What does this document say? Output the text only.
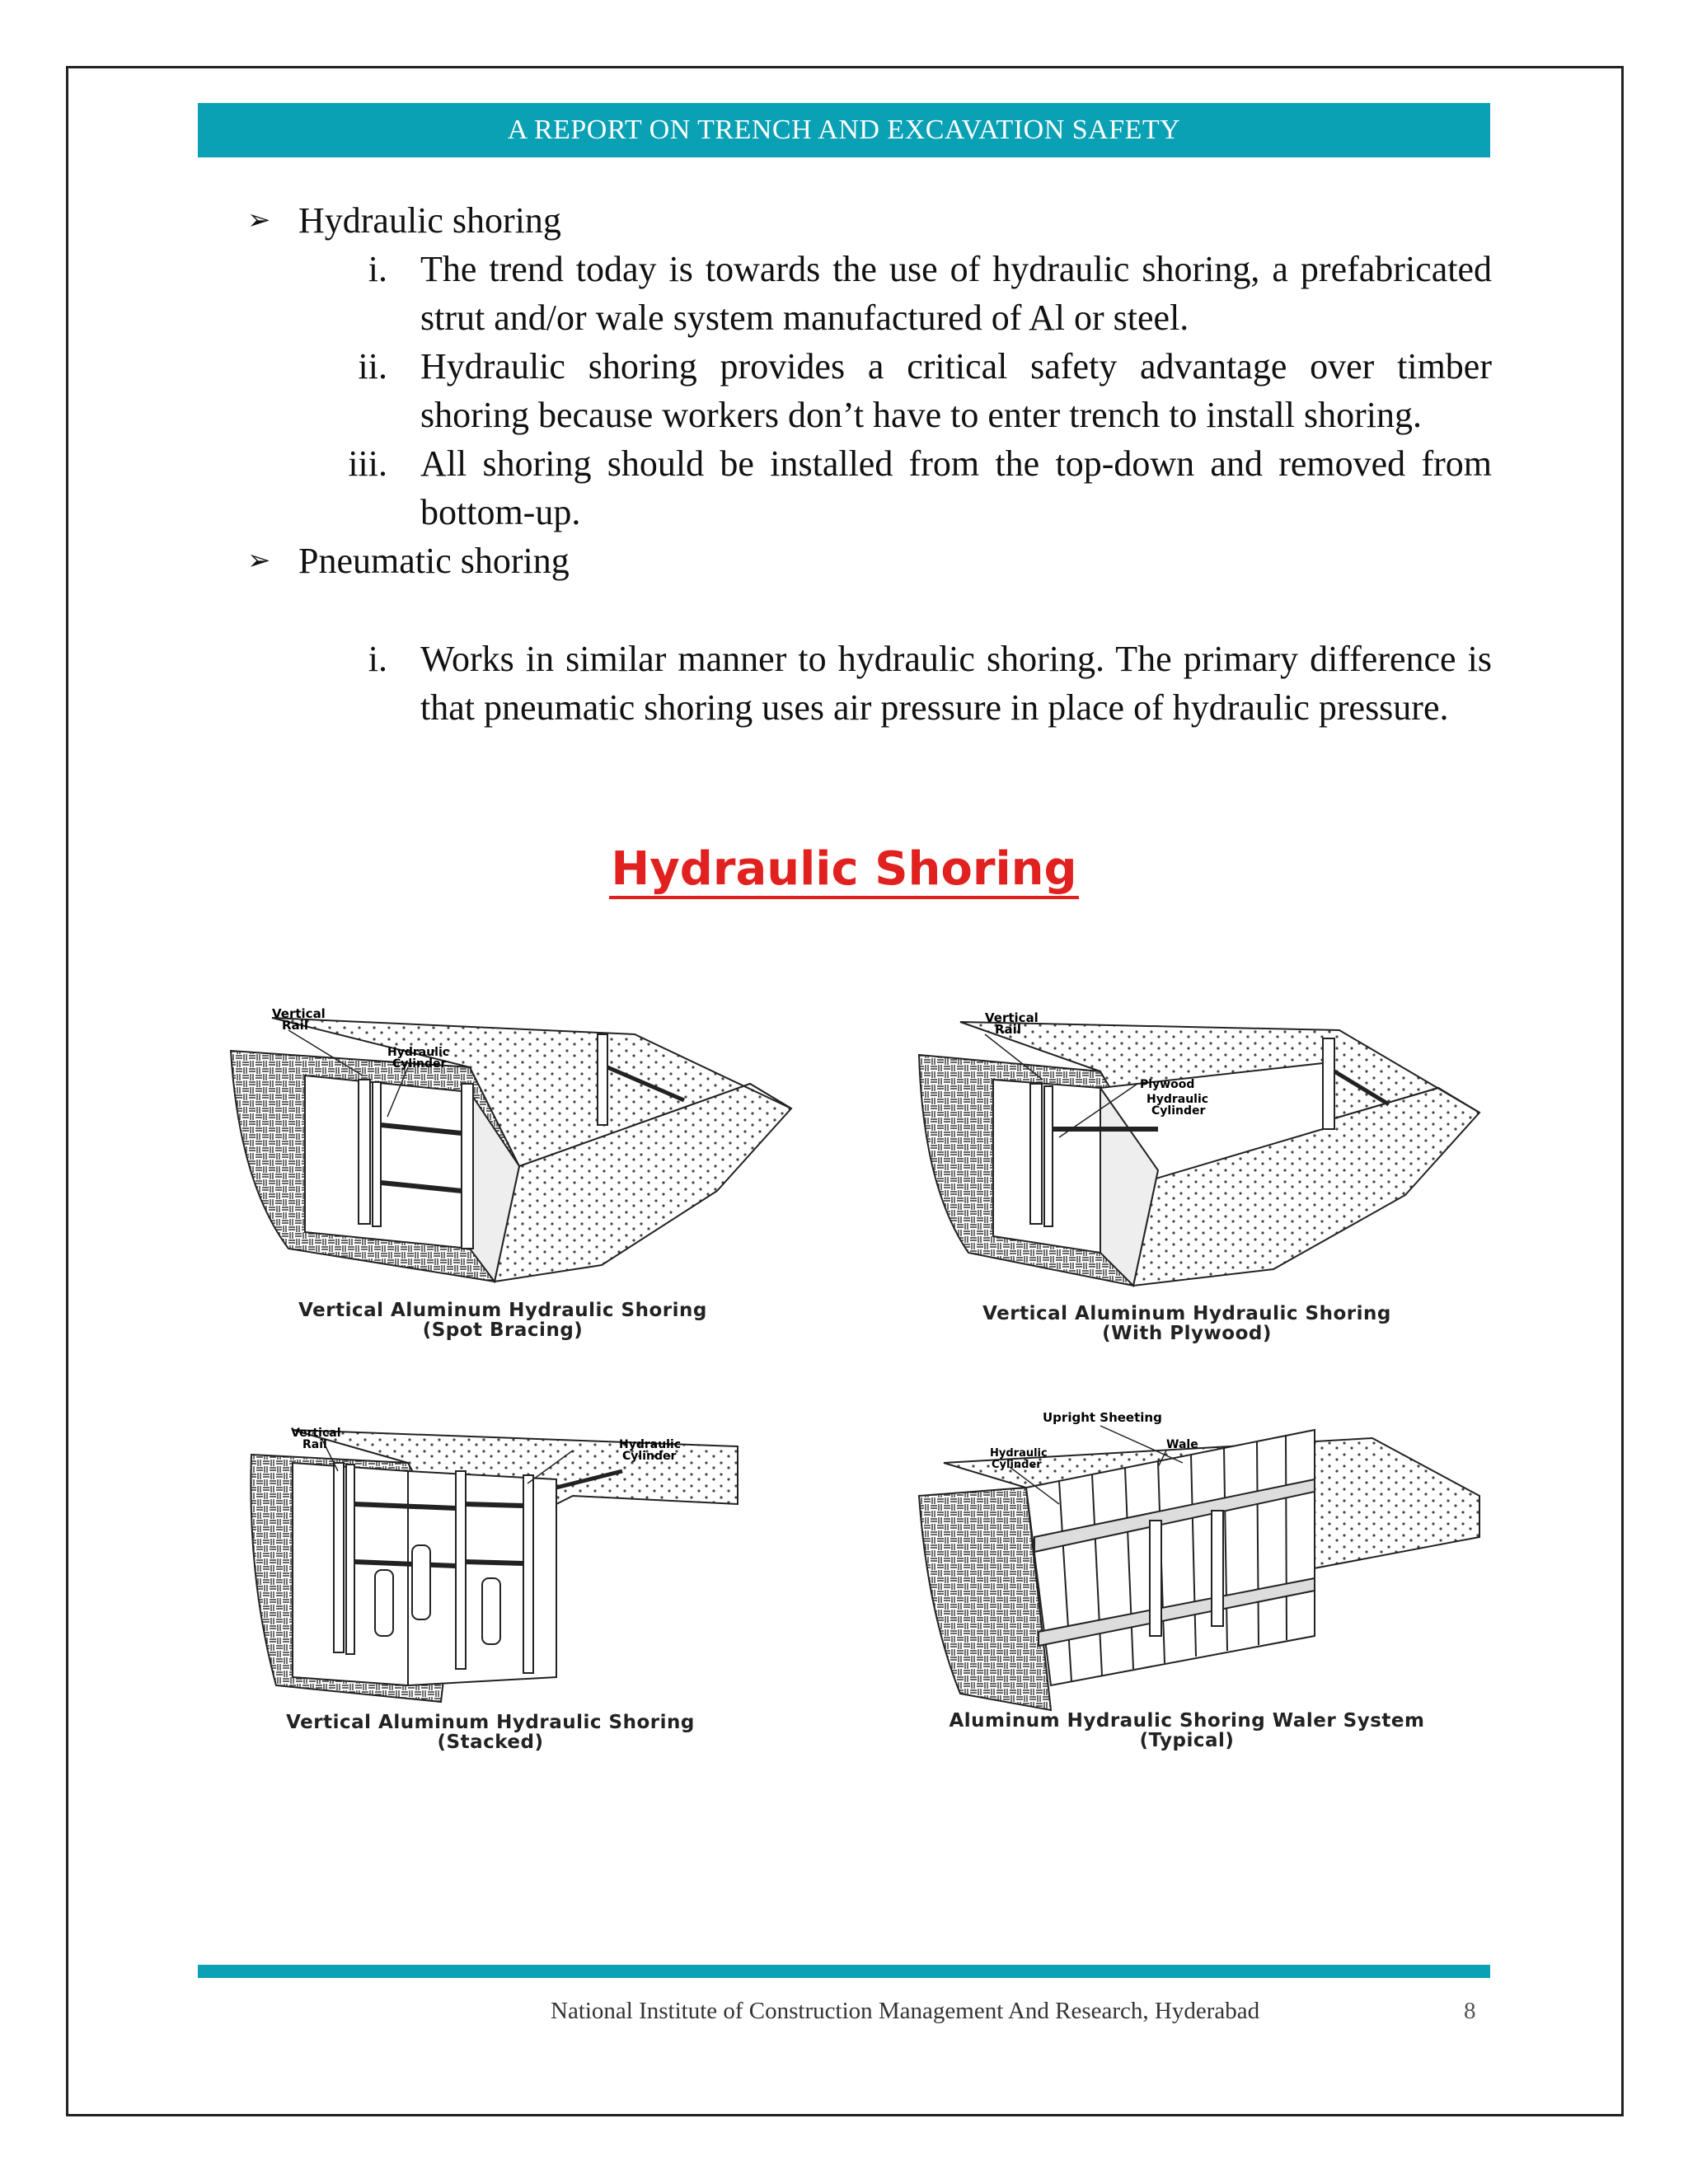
A REPORT ON TRENCH AND EXCAVATION SAFETY
➢ Hydraulic shoring
i. The trend today is towards the use of hydraulic shoring, a prefabricated strut and/or wale system manufactured of Al or steel.
ii. Hydraulic shoring provides a critical safety advantage over timber shoring because workers don’t have to enter trench to install shoring.
iii. All shoring should be installed from the top-down and removed from bottom-up.
➢ Pneumatic shoring
i. Works in similar manner to hydraulic shoring. The primary difference is that pneumatic shoring uses air pressure in place of hydraulic pressure.
Hydraulic Shoring
Vertical
Rail
Hydraulic
Cylinder
Vertical Aluminum Hydraulic Shoring
(Spot Bracing)
Vertical
Rail
Plywood
Hydraulic
Cylinder
Vertical Aluminum Hydraulic Shoring
(With Plywood)
Vertical
Rail	Hydraulic
Cylinder
Vertical Aluminum Hydraulic Shoring
(Stacked)
Upright Sheeting
Wale
Hydraulic
Cylinder
Aluminum Hydraulic Shoring Waler System
(Typical)
National Institute of Construction Management And Research, Hyderabad	8
